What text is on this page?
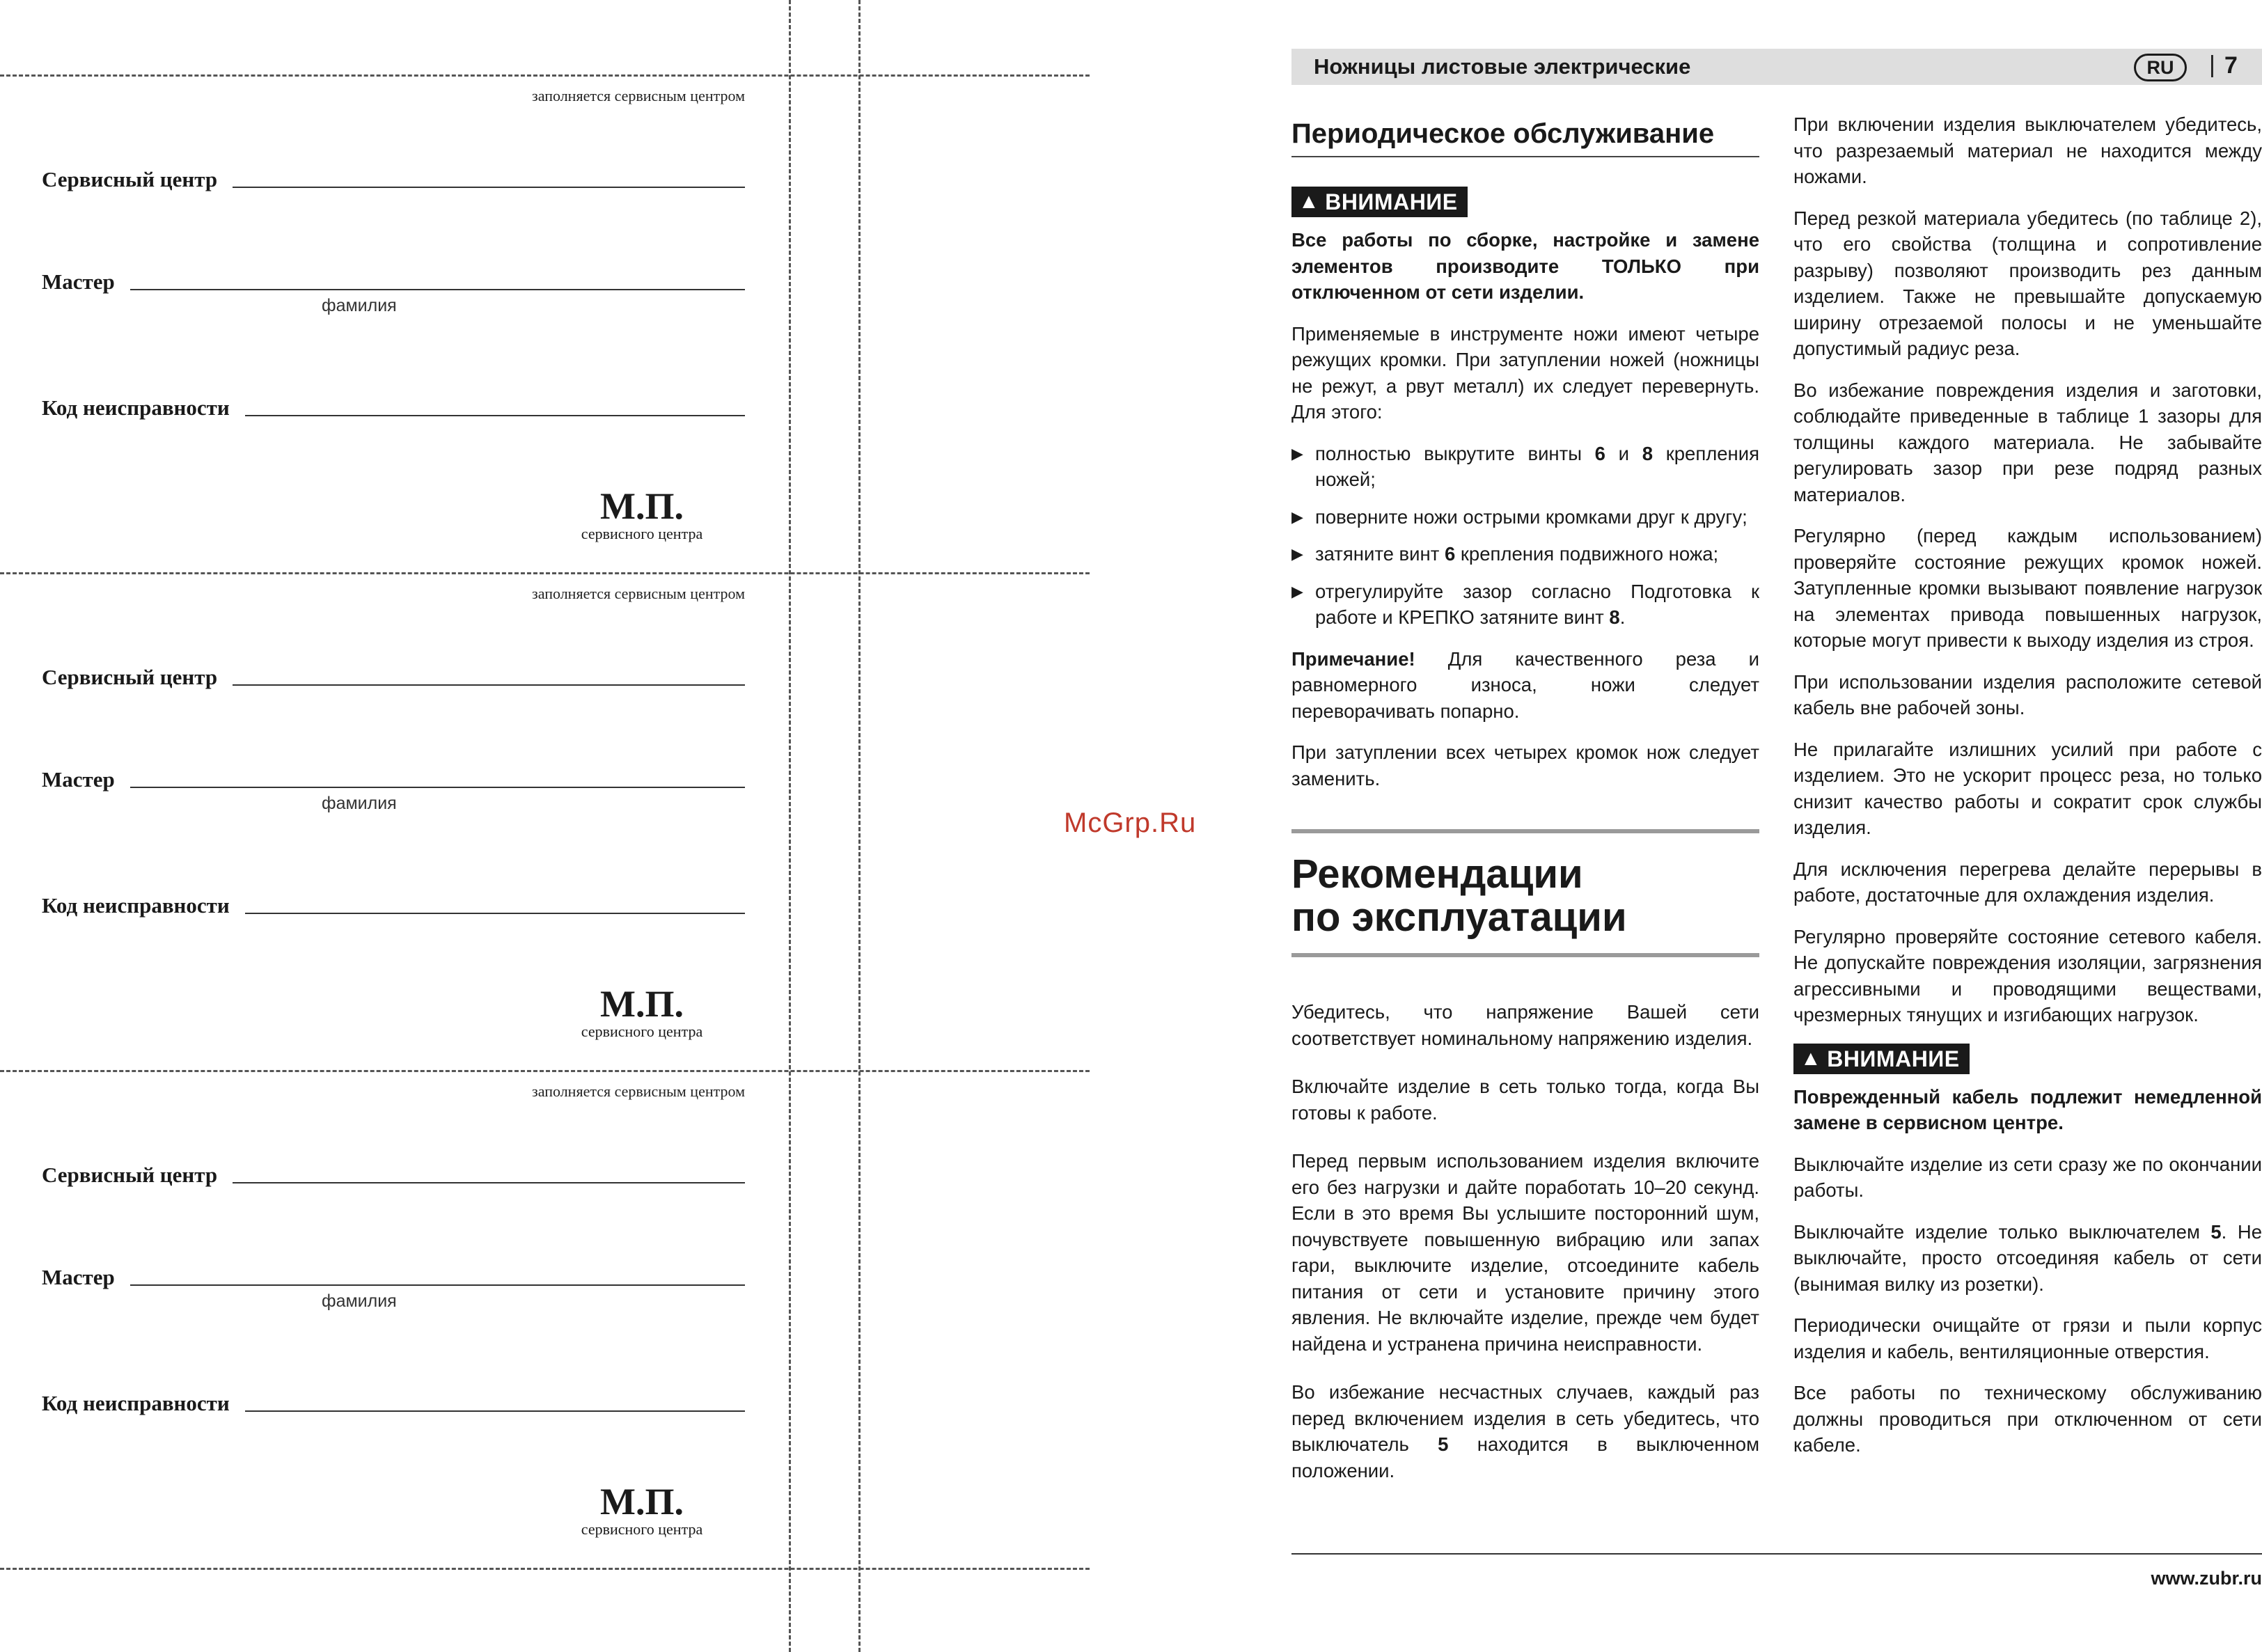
заполняется сервисным центром
Сервисный центр
Мастер
фамилия
Код неисправности
М.П.
сервисного центра
заполняется сервисным центром
Сервисный центр
Мастер
фамилия
Код неисправности
М.П.
сервисного центра
заполняется сервисным центром
Сервисный центр
Мастер
фамилия
Код неисправности
М.П.
сервисного центра
McGrp.Ru
Ножницы листовые электрические	RU	| 7
Периодическое обслуживание
▲ ВНИМАНИЕ

Все работы по сборке, настройке и замене элементов производите ТОЛЬКО при отключенном от сети изделии.

Применяемые в инструменте ножи имеют четыре режущих кромки. При затуплении ножей (ножницы не режут, а рвут металл) их следует перевернуть. Для этого:

▶ полностью выкрутите винты 6 и 8 крепления ножей;
▶ поверните ножи острыми кромками друг к другу;
▶ затяните винт 6 крепления подвижного ножа;
▶ отрегулируйте зазор согласно Подготовка к работе и КРЕПКО затяните винт 8.

Примечание! Для качественного реза и равномерного износа, ножи следует переворачивать попарно.

При затуплении всех четырех кромок нож следует заменить.

Рекомендации
по эксплуатации

Убедитесь, что напряжение Вашей сети соответствует номинальному напряжению изделия.

Включайте изделие в сеть только тогда, когда Вы готовы к работе.

Перед первым использованием изделия включите его без нагрузки и дайте поработать 10–20 секунд. Если в это время Вы услышите посторонний шум, почувствуете повышенную вибрацию или запах гари, выключите изделие, отсоедините кабель питания от сети и установите причину этого явления. Не включайте изделие, прежде чем будет найдена и устранена причина неисправности.

Во избежание несчастных случаев, каждый раз перед включением изделия в сеть убедитесь, что выключатель 5 находится в выключенном положении.

При включении изделия выключателем убедитесь, что разрезаемый материал не находится между ножами.

Перед резкой материала убедитесь (по таблице 2), что его свойства (толщина и сопротивление разрыву) позволяют производить рез данным изделием. Также не превышайте допускаемую ширину отрезаемой полосы и не уменьшайте допустимый радиус реза.

Во избежание повреждения изделия и заготовки, соблюдайте приведенные в таблице 1 зазоры для толщины каждого материала. Не забывайте регулировать зазор при резе подряд разных материалов.

Регулярно (перед каждым использованием) проверяйте состояние режущих кромок ножей. Затупленные кромки вызывают появление нагрузок на элементах привода повышенных нагрузок, которые могут привести к выходу изделия из строя.

При использовании изделия расположите сетевой кабель вне рабочей зоны.

Не прилагайте излишних усилий при работе с изделием. Это не ускорит процесс реза, но только снизит качество работы и сократит срок службы изделия.

Для исключения перегрева делайте перерывы в работе, достаточные для охлаждения изделия.

Регулярно проверяйте состояние сетевого кабеля. Не допускайте повреждения изоляции, загрязнения агрессивными и проводящими веществами, чрезмерных тянущих и изгибающих нагрузок.

▲ ВНИМАНИЕ

Поврежденный кабель подлежит немедленной замене в сервисном центре.

Выключайте изделие из сети сразу же по окончании работы.

Выключайте изделие только выключателем 5. Не выключайте, просто отсоединяя кабель от сети (вынимая вилку из розетки).

Периодически очищайте от грязи и пыли корпус изделия и кабель, вентиляционные отверстия.

Все работы по техническому обслуживанию должны проводиться при отключенном от сети кабеле.

www.zubr.ru
